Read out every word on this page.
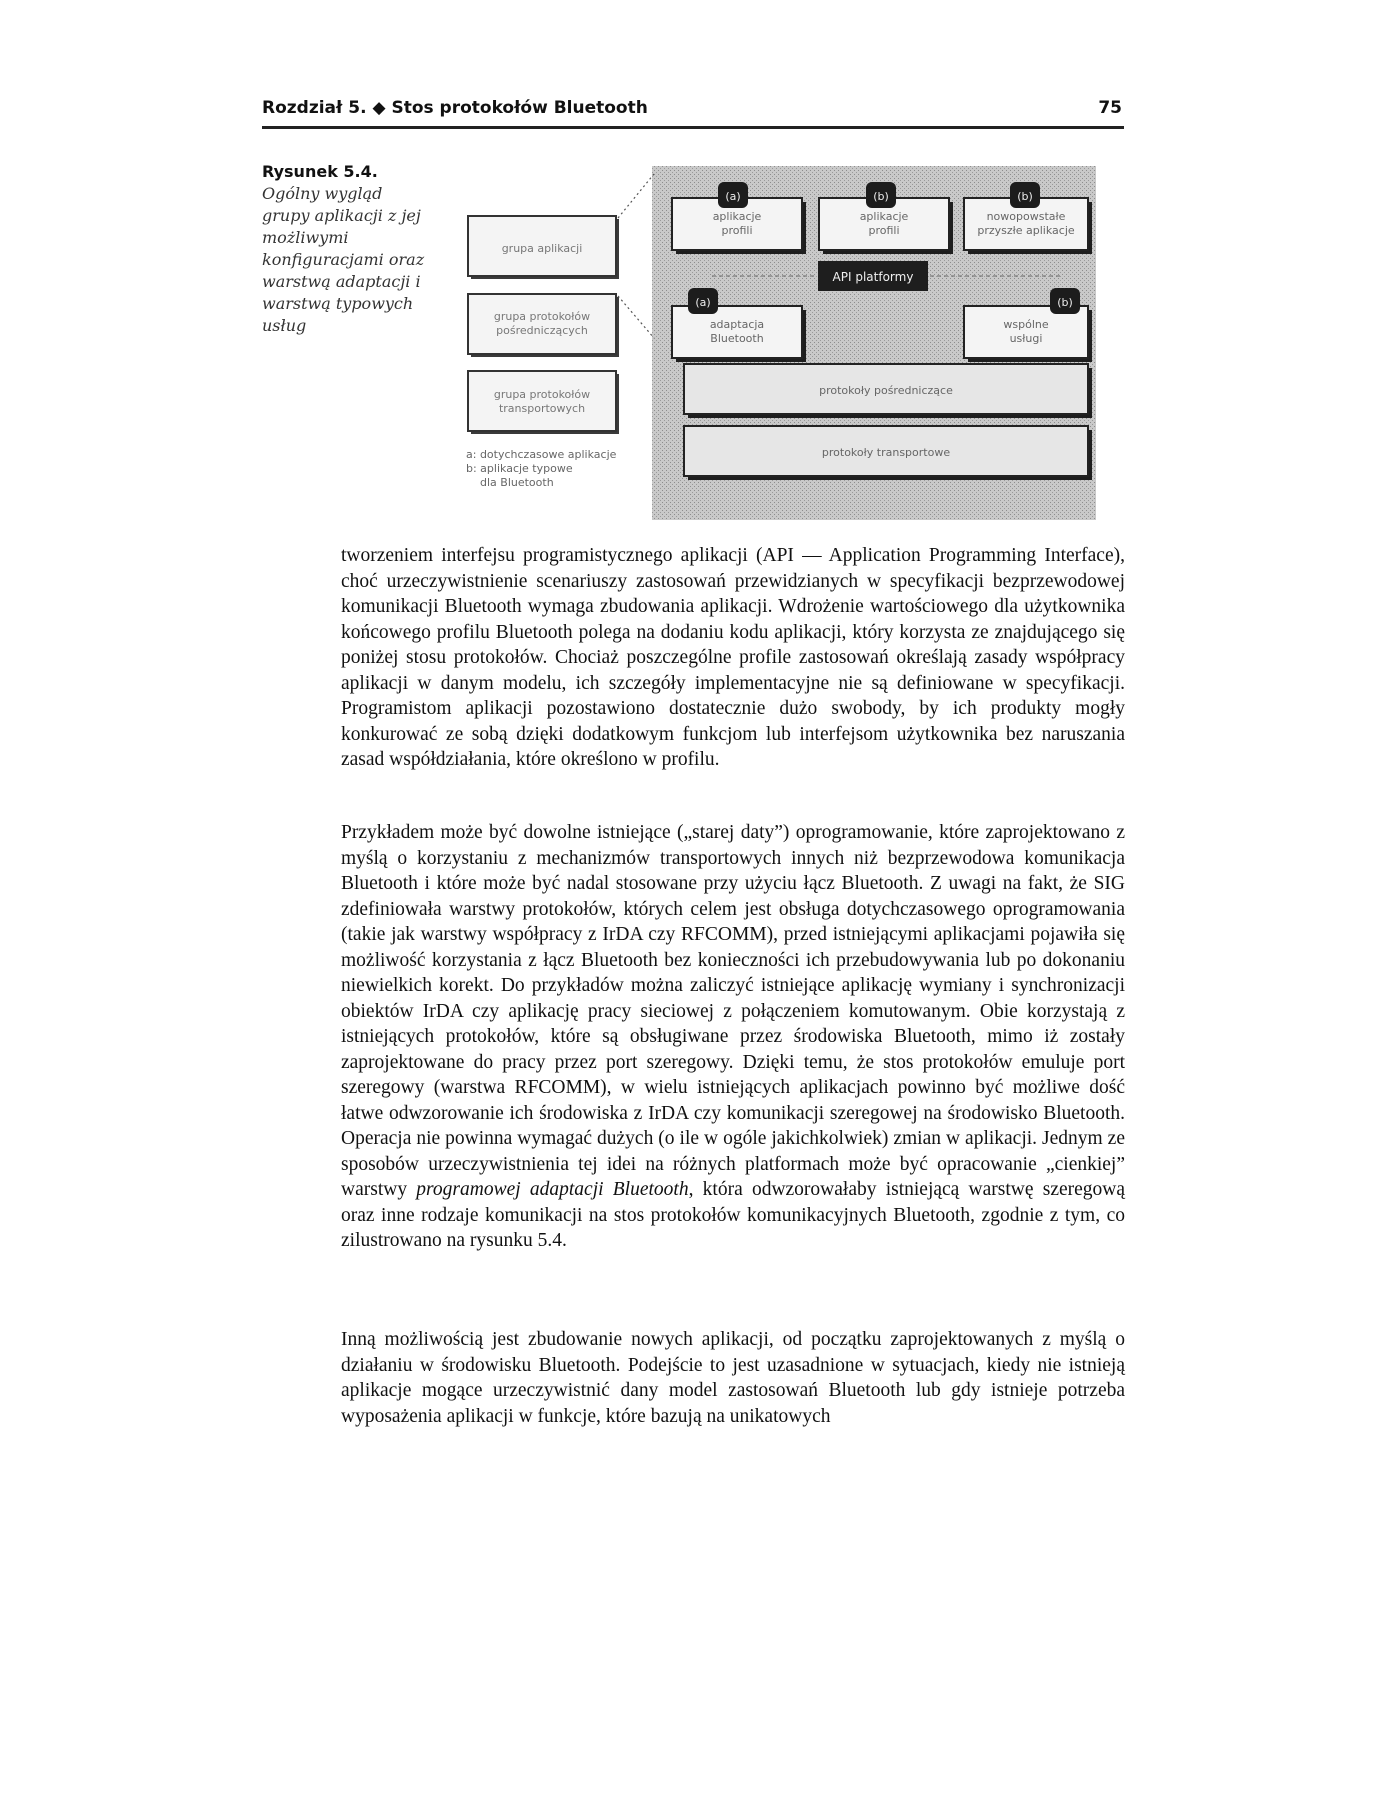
Rozdział 5. ◆ Stos protokołów Bluetooth	75
Rysunek 5.4.
Ogólny wygląd grupy aplikacji z jej możliwymi konfiguracjami oraz warstwą adaptacji i warstwą typowych usług
grupa aplikacji
grupa protokołów
pośredniczących
grupa protokołów
transportowych
aplikacje
profili
aplikacje
profili
nowopowstałe
przyszłe aplikacje
(a)	(b)	(b)
API platformy
adaptacja
Bluetooth
wspólne
usługi
(a)	(b)
protokoły pośredniczące
protokoły transportowe
a: dotychczasowe aplikacje
b: aplikacje typowe
dla Bluetooth
tworzeniem interfejsu programistycznego aplikacji (API — Application Programming Interface), choć urzeczywistnienie scenariuszy zastosowań przewidzianych w specyfikacji bezprzewodowej komunikacji Bluetooth wymaga zbudowania aplikacji. Wdrożenie wartościowego dla użytkownika końcowego profilu Bluetooth polega na dodaniu kodu aplikacji, który korzysta ze znajdującego się poniżej stosu protokołów. Chociaż poszczególne profile zastosowań określają zasady współpracy aplikacji w danym modelu, ich szczegóły implementacyjne nie są definiowane w specyfikacji. Programistom aplikacji pozostawiono dostatecznie dużo swobody, by ich produkty mogły konkurować ze sobą dzięki dodatkowym funkcjom lub interfejsom użytkownika bez naruszania zasad współdziałania, które określono w profilu.
Przykładem może być dowolne istniejące („starej daty”) oprogramowanie, które zaprojektowano z myślą o korzystaniu z mechanizmów transportowych innych niż bezprzewodowa komunikacja Bluetooth i które może być nadal stosowane przy użyciu łącz Bluetooth. Z uwagi na fakt, że SIG zdefiniowała warstwy protokołów, których celem jest obsługa dotychczasowego oprogramowania (takie jak warstwy współpracy z IrDA czy RFCOMM), przed istniejącymi aplikacjami pojawiła się możliwość korzystania z łącz Bluetooth bez konieczności ich przebudowywania lub po dokonaniu niewielkich korekt. Do przykładów można zaliczyć istniejące aplikację wymiany i synchronizacji obiektów IrDA czy aplikację pracy sieciowej z połączeniem komutowanym. Obie korzystają z istniejących protokołów, które są obsługiwane przez środowiska Bluetooth, mimo iż zostały zaprojektowane do pracy przez port szeregowy. Dzięki temu, że stos protokołów emuluje port szeregowy (warstwa RFCOMM), w wielu istniejących aplikacjach powinno być możliwe dość łatwe odwzorowanie ich środowiska z IrDA czy komunikacji szeregowej na środowisko Bluetooth. Operacja nie powinna wymagać dużych (o ile w ogóle jakichkolwiek) zmian w aplikacji. Jednym ze sposobów urzeczywistnienia tej idei na różnych platformach może być opracowanie „cienkiej” warstwy programowej adaptacji Bluetooth, która odwzorowałaby istniejącą warstwę szeregową oraz inne rodzaje komunikacji na stos protokołów komunikacyjnych Bluetooth, zgodnie z tym, co zilustrowano na rysunku 5.4.
Inną możliwością jest zbudowanie nowych aplikacji, od początku zaprojektowanych z myślą o działaniu w środowisku Bluetooth. Podejście to jest uzasadnione w sytuacjach, kiedy nie istnieją aplikacje mogące urzeczywistnić dany model zastosowań Bluetooth lub gdy istnieje potrzeba wyposażenia aplikacji w funkcje, które bazują na unikatowych
